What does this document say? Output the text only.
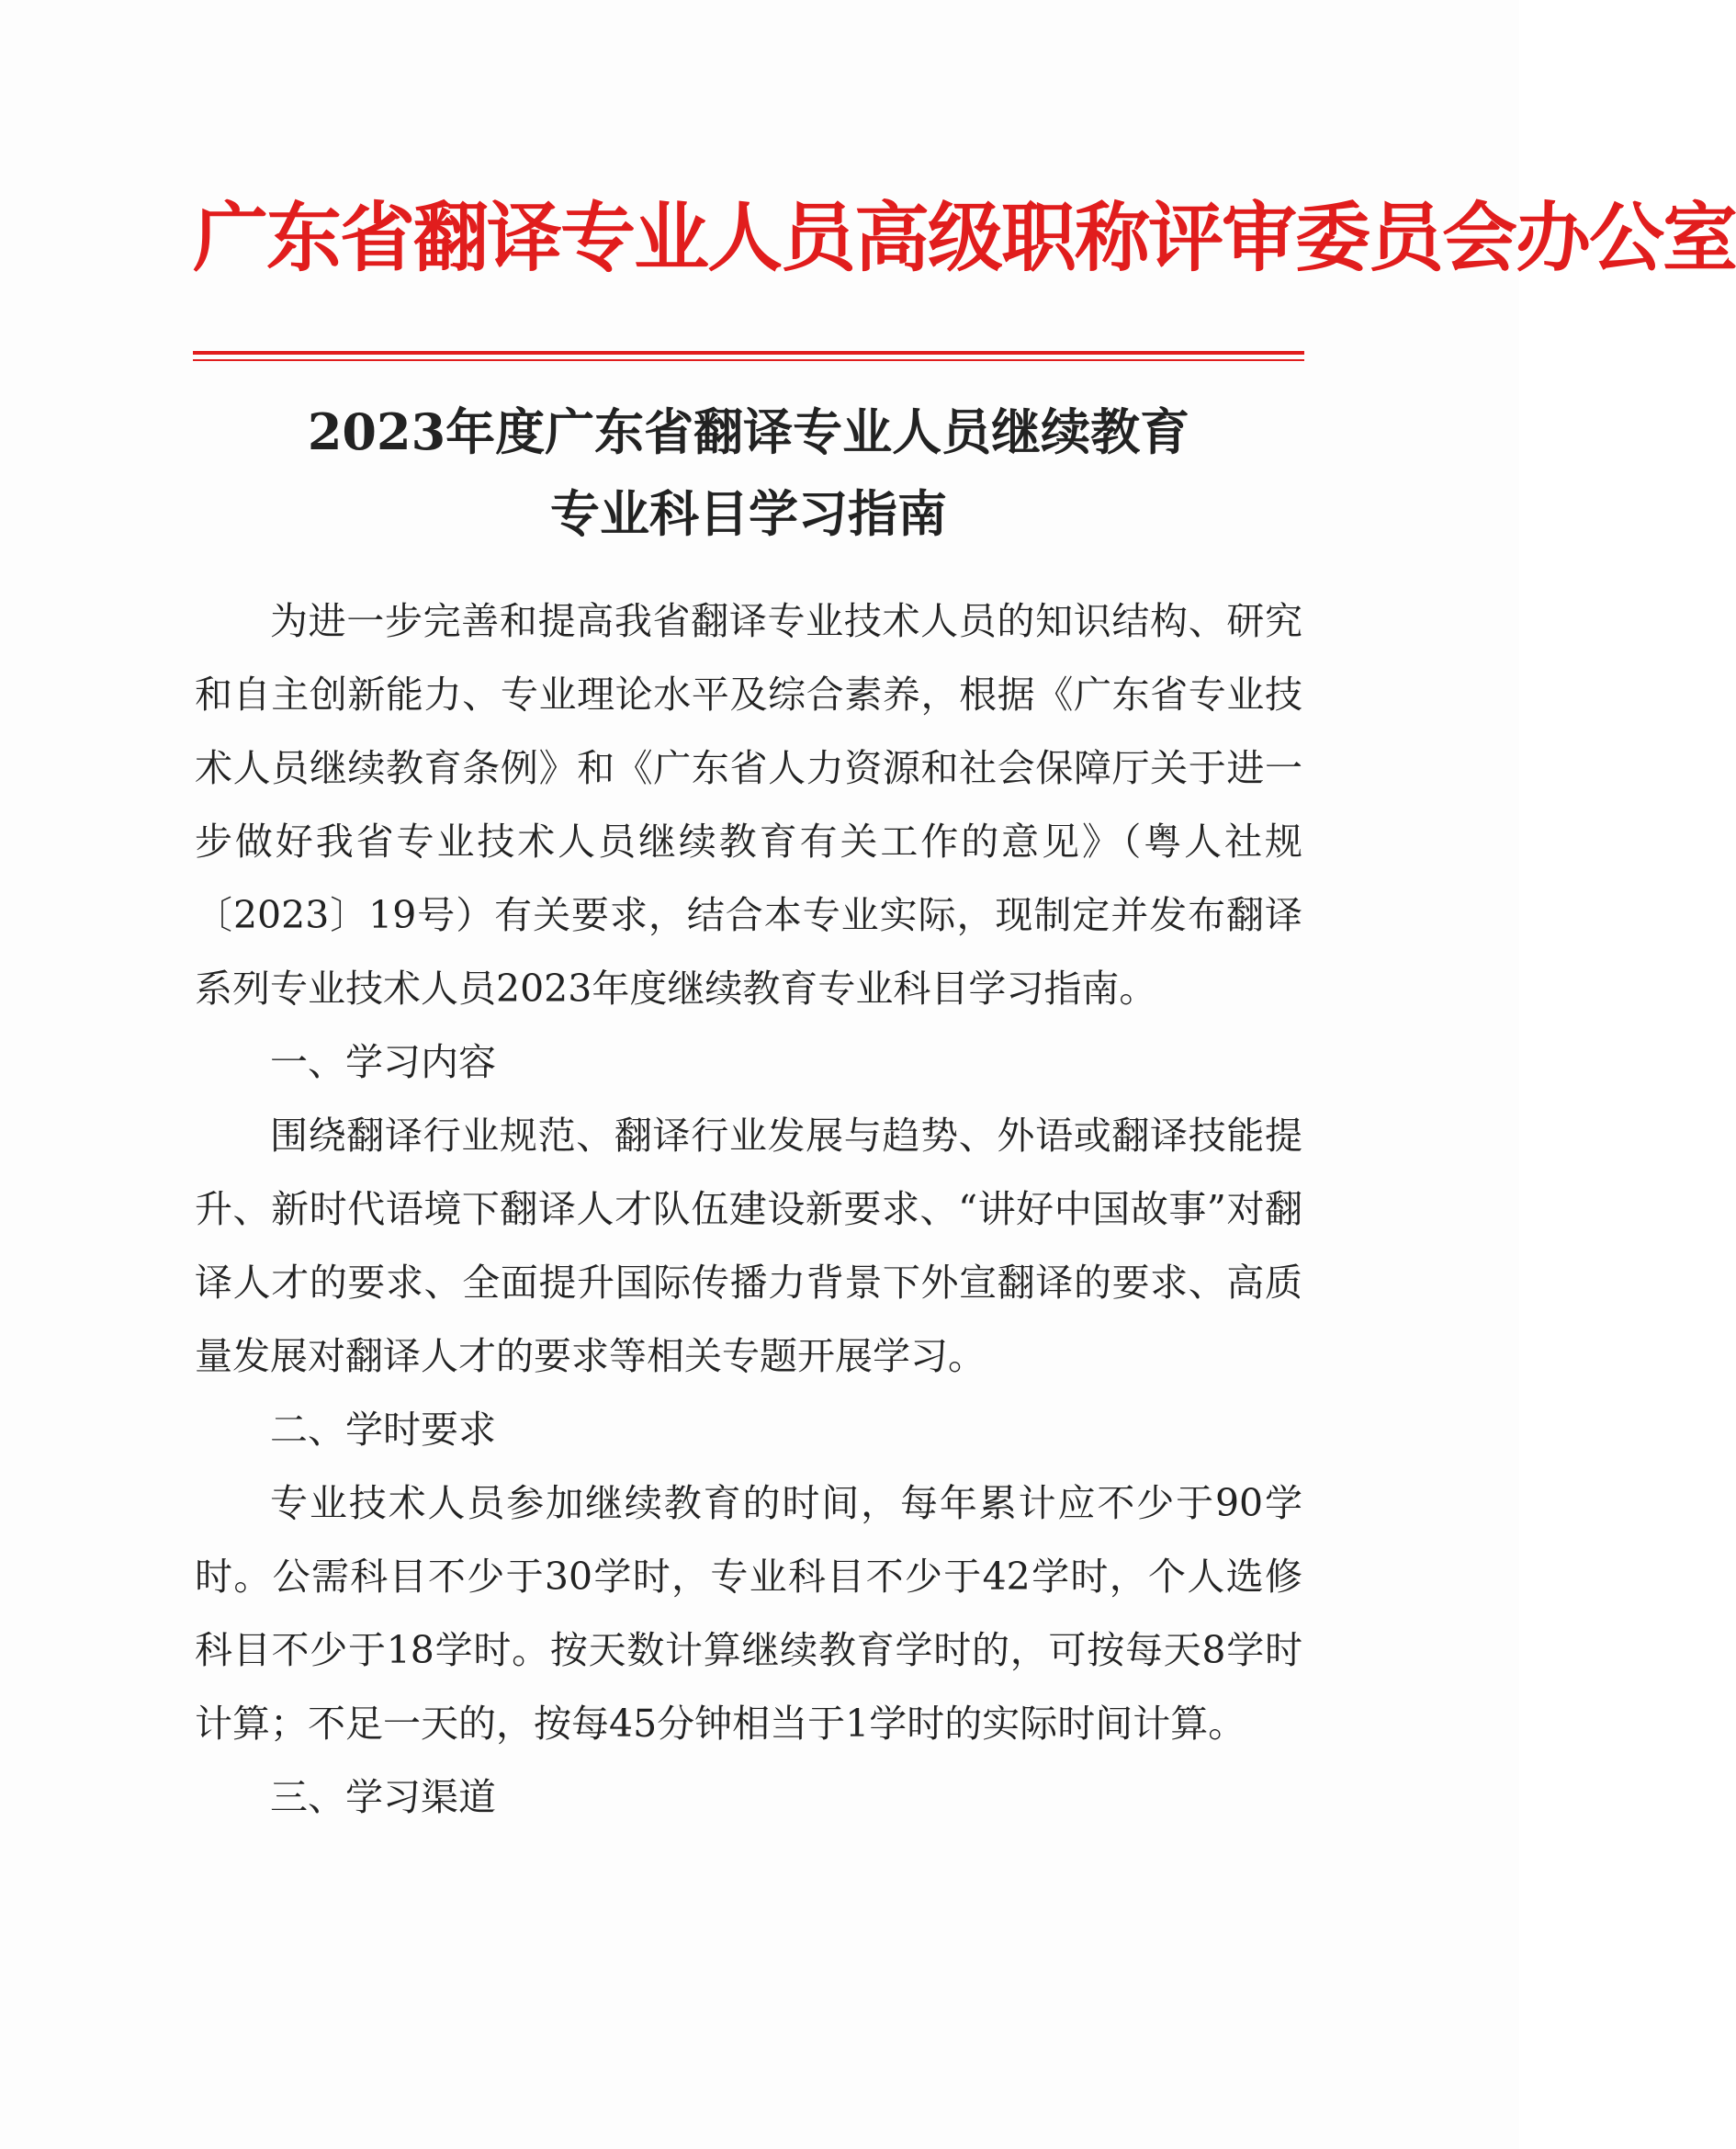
广东省翻译专业人员高级职称评审委员会办公室
2023年度广东省翻译专业人员继续教育
专业科目学习指南

为进一步完善和提高我省翻译专业技术人员的知识结构、研究和自主创新能力、专业理论水平及综合素养，根据《广东省专业技术人员继续教育条例》和《广东省人力资源和社会保障厅关于进一步做好我省专业技术人员继续教育有关工作的意见》（粤人社规〔2023〕19号）有关要求，结合本专业实际，现制定并发布翻译系列专业技术人员2023年度继续教育专业科目学习指南。

一、学习内容

围绕翻译行业规范、翻译行业发展与趋势、外语或翻译技能提升、新时代语境下翻译人才队伍建设新要求、“讲好中国故事”对翻译人才的要求、全面提升国际传播力背景下外宣翻译的要求、高质量发展对翻译人才的要求等相关专题开展学习。

二、学时要求

专业技术人员参加继续教育的时间，每年累计应不少于90学时。公需科目不少于30学时，专业科目不少于42学时，个人选修科目不少于18学时。按天数计算继续教育学时的，可按每天8学时计算；不足一天的，按每45分钟相当于1学时的实际时间计算。

三、学习渠道
